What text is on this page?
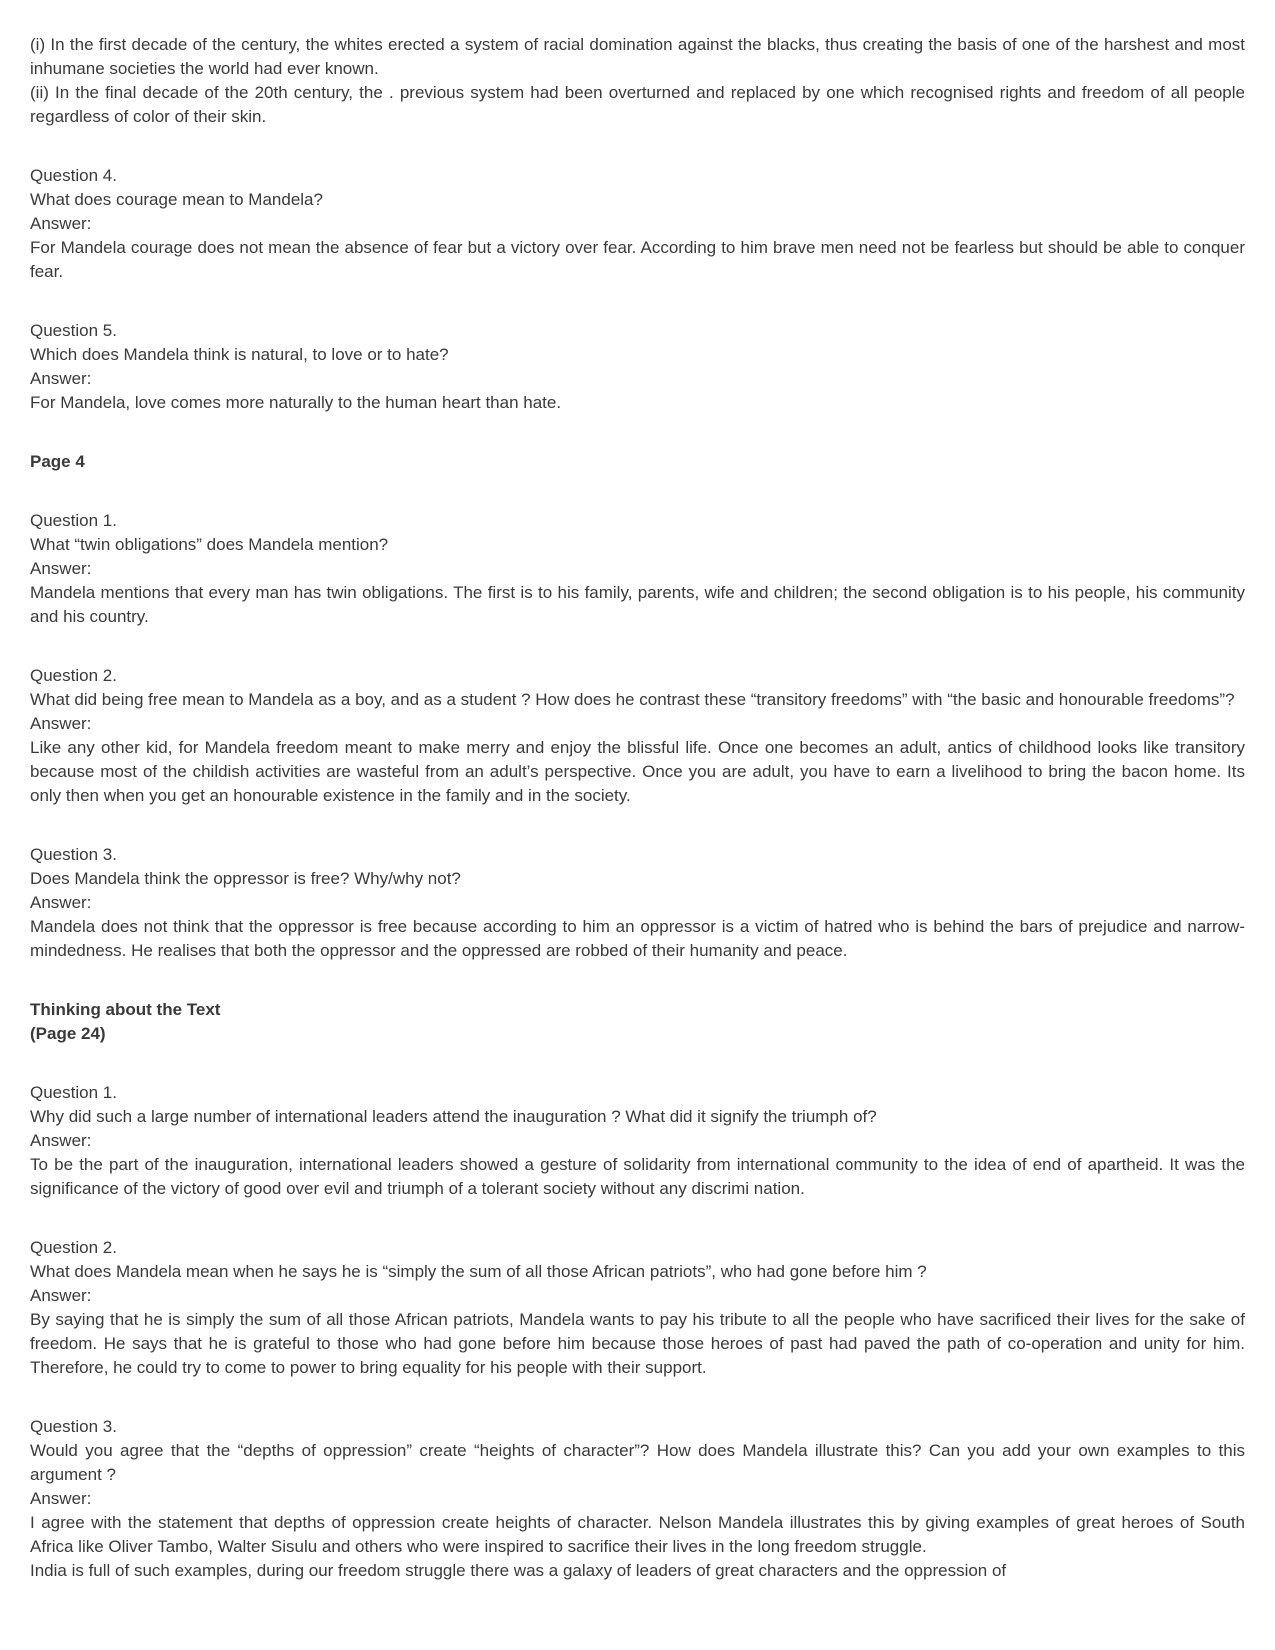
(i) In the first decade of the century, the whites erected a system of racial domination against the blacks, thus creating the basis of one of the harshest and most inhumane societies the world had ever known.
(ii) In the final decade of the 20th century, the . previous system had been overturned and replaced by one which recognised rights and freedom of all people regardless of color of their skin.

Question 4.
What does courage mean to Mandela?
Answer:
For Mandela courage does not mean the absence of fear but a victory over fear. According to him brave men need not be fearless but should be able to conquer fear.

Question 5.
Which does Mandela think is natural, to love or to hate?
Answer:
For Mandela, love comes more naturally to the human heart than hate.

Page 4

Question 1.
What “twin obligations” does Mandela mention?
Answer:
Mandela mentions that every man has twin obligations. The first is to his family, parents, wife and children; the second obligation is to his people, his community and his country.

Question 2.
What did being free mean to Mandela as a boy, and as a student ? How does he contrast these “transitory freedoms” with “the basic and honourable freedoms”?
Answer:
Like any other kid, for Mandela freedom meant to make merry and enjoy the blissful life. Once one becomes an adult, antics of childhood looks like transitory because most of the childish activities are wasteful from an adult’s perspective. Once you are adult, you have to earn a livelihood to bring the bacon home. Its only then when you get an honourable existence in the family and in the society.

Question 3.
Does Mandela think the oppressor is free? Why/why not?
Answer:
Mandela does not think that the oppressor is free because according to him an oppressor is a victim of hatred who is behind the bars of prejudice and narrow-mindedness. He realises that both the oppressor and the oppressed are robbed of their humanity and peace.

Thinking about the Text
(Page 24)

Question 1.
Why did such a large number of international leaders attend the inauguration ? What did it signify the triumph of?
Answer:
To be the part of the inauguration, international leaders showed a gesture of solidarity from international community to the idea of end of apartheid. It was the significance of the victory of good over evil and triumph of a tolerant society without any discrimi nation.

Question 2.
What does Mandela mean when he says he is “simply the sum of all those African patriots”, who had gone before him ?
Answer:
By saying that he is simply the sum of all those African patriots, Mandela wants to pay his tribute to all the people who have sacrificed their lives for the sake of freedom. He says that he is grateful to those who had gone before him because those heroes of past had paved the path of co-operation and unity for him. Therefore, he could try to come to power to bring equality for his people with their support.

Question 3.
Would you agree that the “depths of oppression” create “heights of character”? How does Mandela illustrate this? Can you add your own examples to this argument ?
Answer:
I agree with the statement that depths of oppression create heights of character. Nelson Mandela illustrates this by giving examples of great heroes of South Africa like Oliver Tambo, Walter Sisulu and others who were inspired to sacrifice their lives in the long freedom struggle.
India is full of such examples, during our freedom struggle there was a galaxy of leaders of great characters and the oppression of
